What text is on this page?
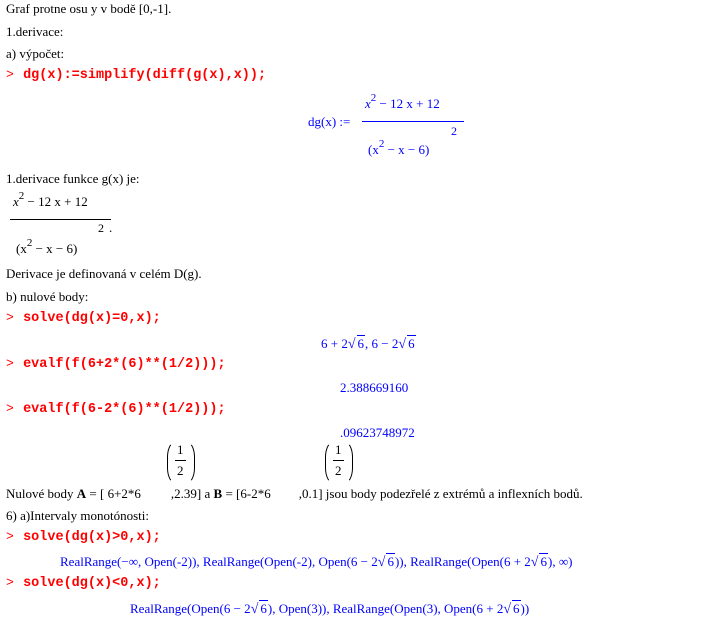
Graf protne osu y v bodě [0,-1].
1.derivace:
a) výpočet:
> dg(x):=simplify(diff(g(x),x));
dg(x) :=
$x^2 - 12$ x + 12
2
$(x^2 - x - 6)$
1.derivace funkce g(x) je:
$x^2 - 12$ x + 12
2 .
$(x^2 - x - 6)$
Derivace je definovaná v celém D(g).
b) nulové body:
> solve(dg(x)=0,x);
6 + 2√ 6, 6 − 2√ 6
> evalf(f(6+2*(6)**(1/2)));
2.388669160
> evalf(f(6-2*(6)**(1/2)));
.09623748972
1
2
1
2
Nulové body A = [ 6+2*6 ,2.39] a B = [6-2*6 ,0.1] jsou body podezřelé z extrémů a inflexních bodů.
6) a)Intervaly monotónosti:
> solve(dg(x)>0,x);
RealRange(−∞, Open(-2)), RealRange(Open(-2), Open(6 − 2√ 6)), RealRange(Open(6 + 2√ 6), ∞)
> solve(dg(x)<0,x);
RealRange(Open(6 − 2√ 6), Open(3)), RealRange(Open(3), Open(6 + 2√ 6))
